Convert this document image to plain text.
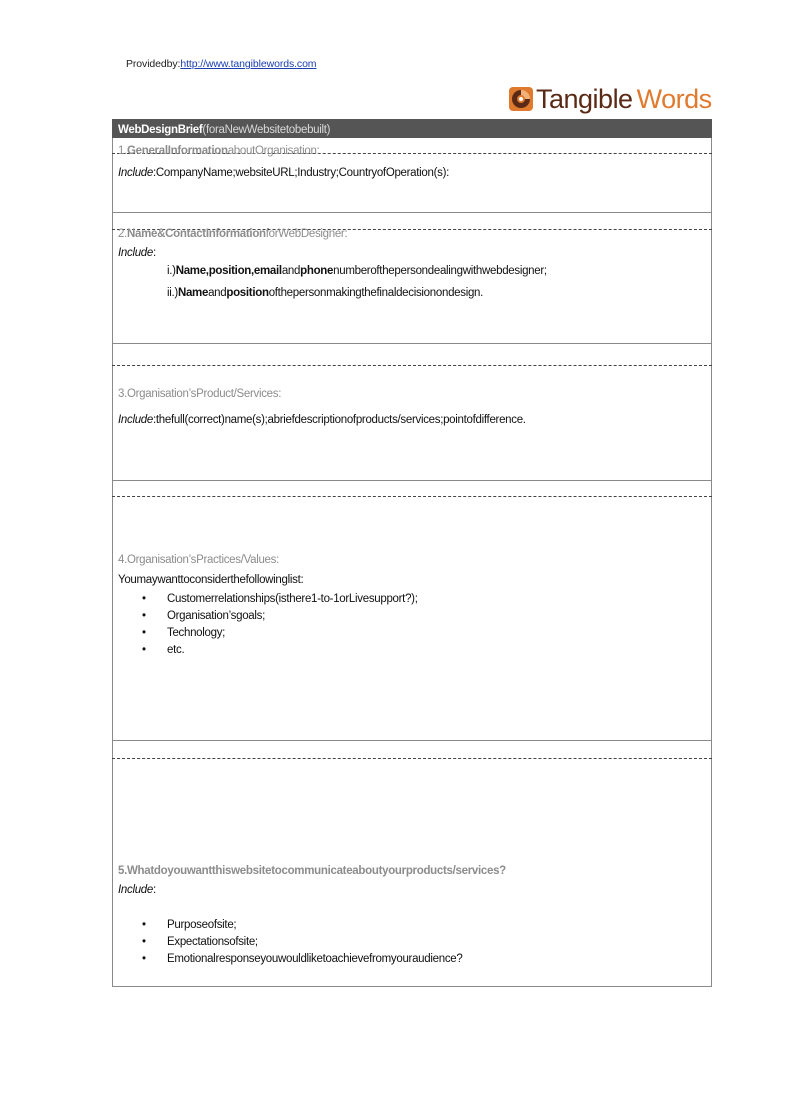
Providedby:http://www.tangiblewords.com
Tangible Words
WebDesignBrief(foraNewWebsitetobebuilt)
1.GeneralInformationaboutOrganisation:
Include:CompanyName;websiteURL;Industry;CountryofOperation(s):
2.Name&ContactInformationforWebDesigner:
Include:
i.)Name,position,emailandphonenumberofthepersondealingwithwebdesigner;
ii.)Nameandpositionofthepersonmakingthefinaldecisionondesign.
3.Organisation’sProduct/Services:
Include:thefull(correct)name(s);abriefdescriptionofproducts/services;pointofdifference.
4.Organisation’sPractices/Values:
Youmaywanttoconsiderthefollowinglist:
•	Customerrelationships(isthere1-to-1orLivesupport?);
•	Organisation’sgoals;
•	Technology;
•	etc.
5.Whatdoyouwantthiswebsitetocommunicateaboutyourproducts/services?
Include:
•	Purposeofsite;
•	Expectationsofsite;
•	Emotionalresponseyouwouldliketoachievefromyouraudience?
